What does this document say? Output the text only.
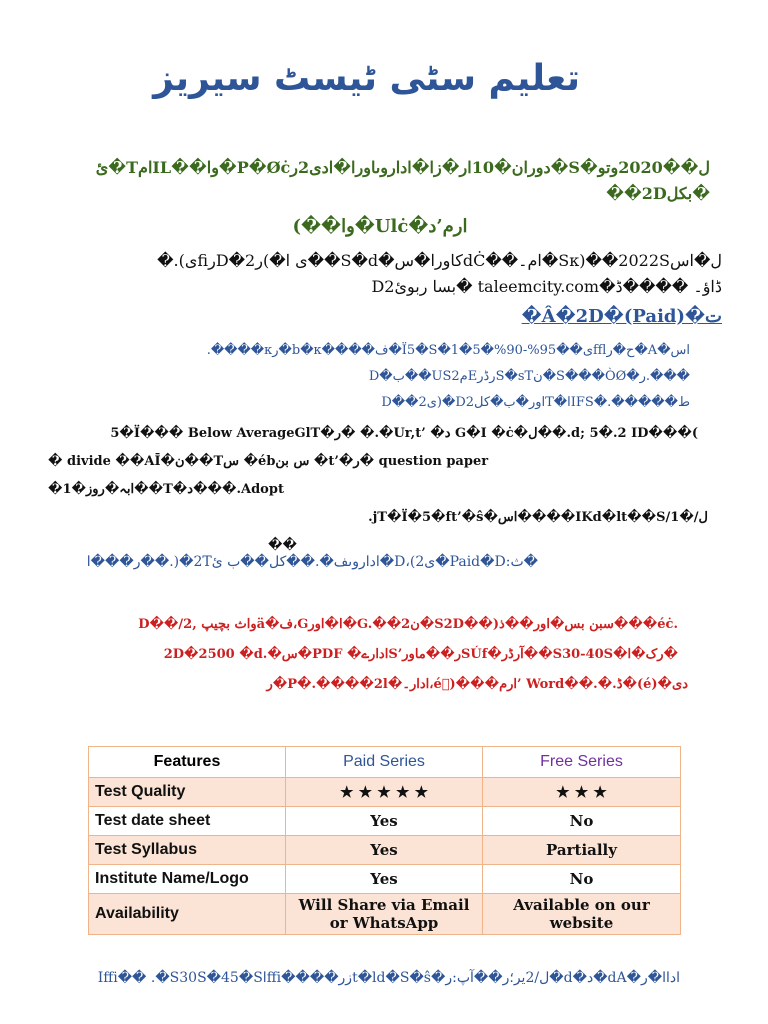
تعلیم سٹی ٹیسٹ سیریز
ل��2020وتو�S�دوران�10ار�زا�اداروںاورا�ادی2رP�Øċ�وا��ILامT�ئ �بکل2D��
ارم’د�Ulċ�وا��)
ل�اس2022S��(Sκ�ام۔��dĊکاورا�س�S�d��ی ا�)ر2�Dرfiی).�
Dبسا ربوئ2� taleemcity.com�ڈاؤ۔ ����ڈ
ت�Â�2D�(Paid)�
اس�A�ح�رfflی��95%-90%�5�Ï5�S�1�ف����b�κ�رκ����.
D�ب��US2مEرڈرS�sTن�S���ÒØ�ر.���
D��ی2)�Dاور�ب�کل2T�اIFS�.�����ط
5�Ï��� Below AverageGlT�ر� �.�Ur,t’ �د G�I �ċ�ل��.d; 5�.2 ID���(
� divide ��AĪ�ن��Tس �ébس بن �t’�ر� question paper �ابہ�روز�1��T�د���.Adopt
ل/�1/IKd�lt��S����اس�jT�Ï�5�ft’�ŝ.
��
�ث:Paid�D�ی2)،D�اداروںف�.��کل��ب ئ2T�(.��ر���ا
D��/واث بچیپ ,2ä�ف،Gا�اور�G.��ن2�S2D��)سبن بس�اور��ذ���éċ.
2D�2500 �d.�س�PDF �ادارےS’ر��ماورSÚf�آرڈر��S30-40S�رک�ا�
دی�(é)�ڈ.�.��Word ’ارم���(éّ،ادار۔�P�.����2l�ر
Features	Paid Series	Free Series
Test Quality	★ ★ ★ ★ ★	★ ★ ★
Test date sheet	Yes	No
Test Syllabus	Yes	Partially
Institute Name/Logo	Yes	No
Availability	Will Share via Email or WhatsApp	Available on our website
اداا�ر�dA�د�d�ل/2یر؛ر��آپ:ر�t�ld�S�ŝزر����ffiاIffi�� .�S30S�45�S
